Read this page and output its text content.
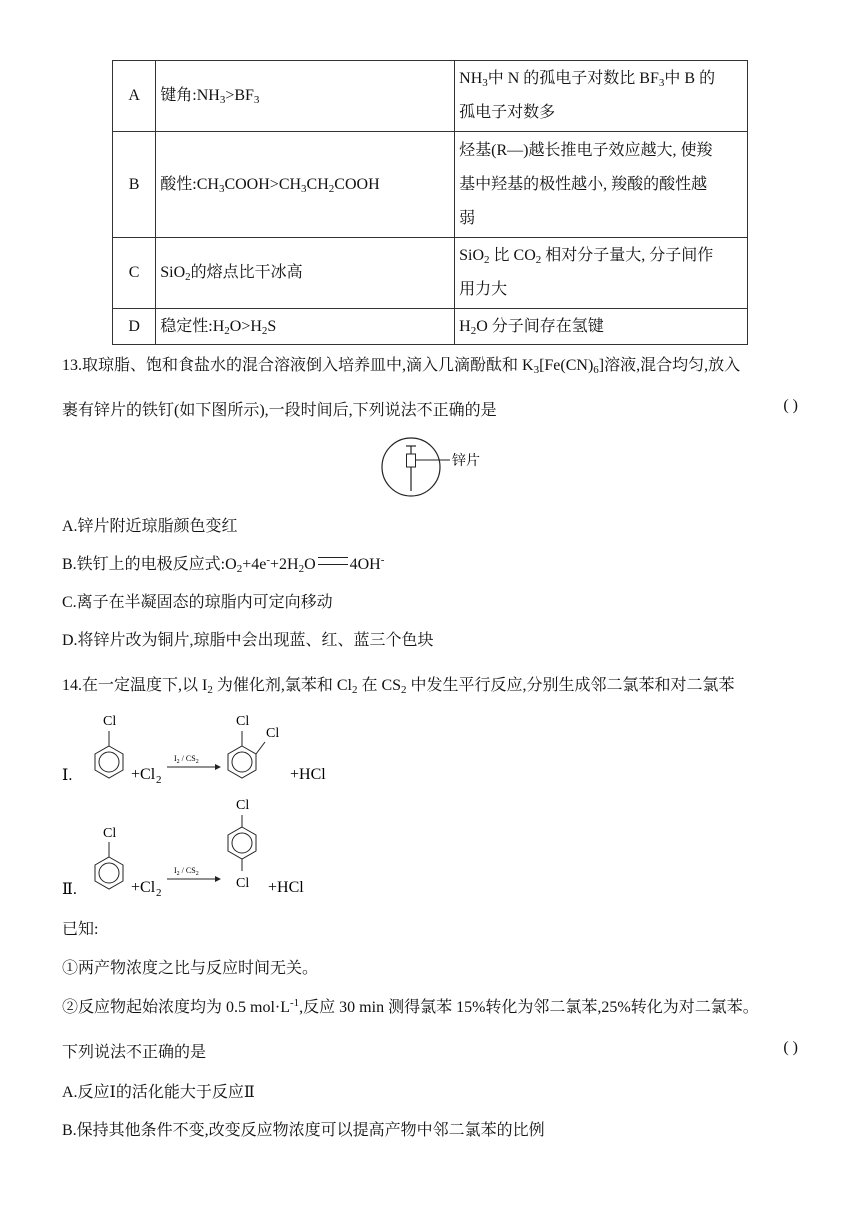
A	键角$:NH_3>BF_3$	$NH_3$中 N 的孤电子对数比 $BF_3$中 B 的
孤电子对数多
B	酸性$:CH_3COOH>CH_3CH_2COOH$	烃基(R—)越长推电子效应越大, 使羧
基中羟基的极性越小, 羧酸的酸性越
弱
C	SiO$_2$的熔点比干冰高	SiO$_2$ 比 $CO_2$ 相对分子量大, 分子间作
用力大
D	稳定性$:H_2O>H_2S$	$H_2O$ 分子间存在氢键
13.取琼脂、饱和食盐水的混合溶液倒入培养皿中,滴入几滴酚酞和 $K_3[Fe(CN)_6]$溶液,混合均匀,放入
裹有锌片的铁钉(如下图所示),一段时间后,下列说法不正确的是	( )
锌片
A.锌片附近琼脂颜色变红
B.铁钉上的电极反应式$:O_2+4e^-+2H_2O$ 4OH-
C.离子在半凝固态的琼脂内可定向移动
D.将锌片改为铜片,琼脂中会出现蓝、红、蓝三个色块
14.在一定温度下,以 $I_2$ 为催化剂,氯苯和 $Cl_2$ 在 $CS_2$ 中发生平行反应,分别生成邻二氯苯和对二氯苯
Ⅰ.
Cl
+Cl 2
$I_2 / CS_2$
Cl
Cl
+HCl
Ⅱ.
Cl
+Cl 2
$I_2 / CS_2$
Cl
Cl +HCl
已知:
①两产物浓度之比与反应时间无关。
②反应物起始浓度均为 0.5 $mol\cdot L^{-1}$,反应 30 min 测得氯苯 15%转化为邻二氯苯,25%转化为对二氯苯。
下列说法不正确的是	( )
A.反应Ⅰ的活化能大于反应Ⅱ
B.保持其他条件不变,改变反应物浓度可以提高产物中邻二氯苯的比例
